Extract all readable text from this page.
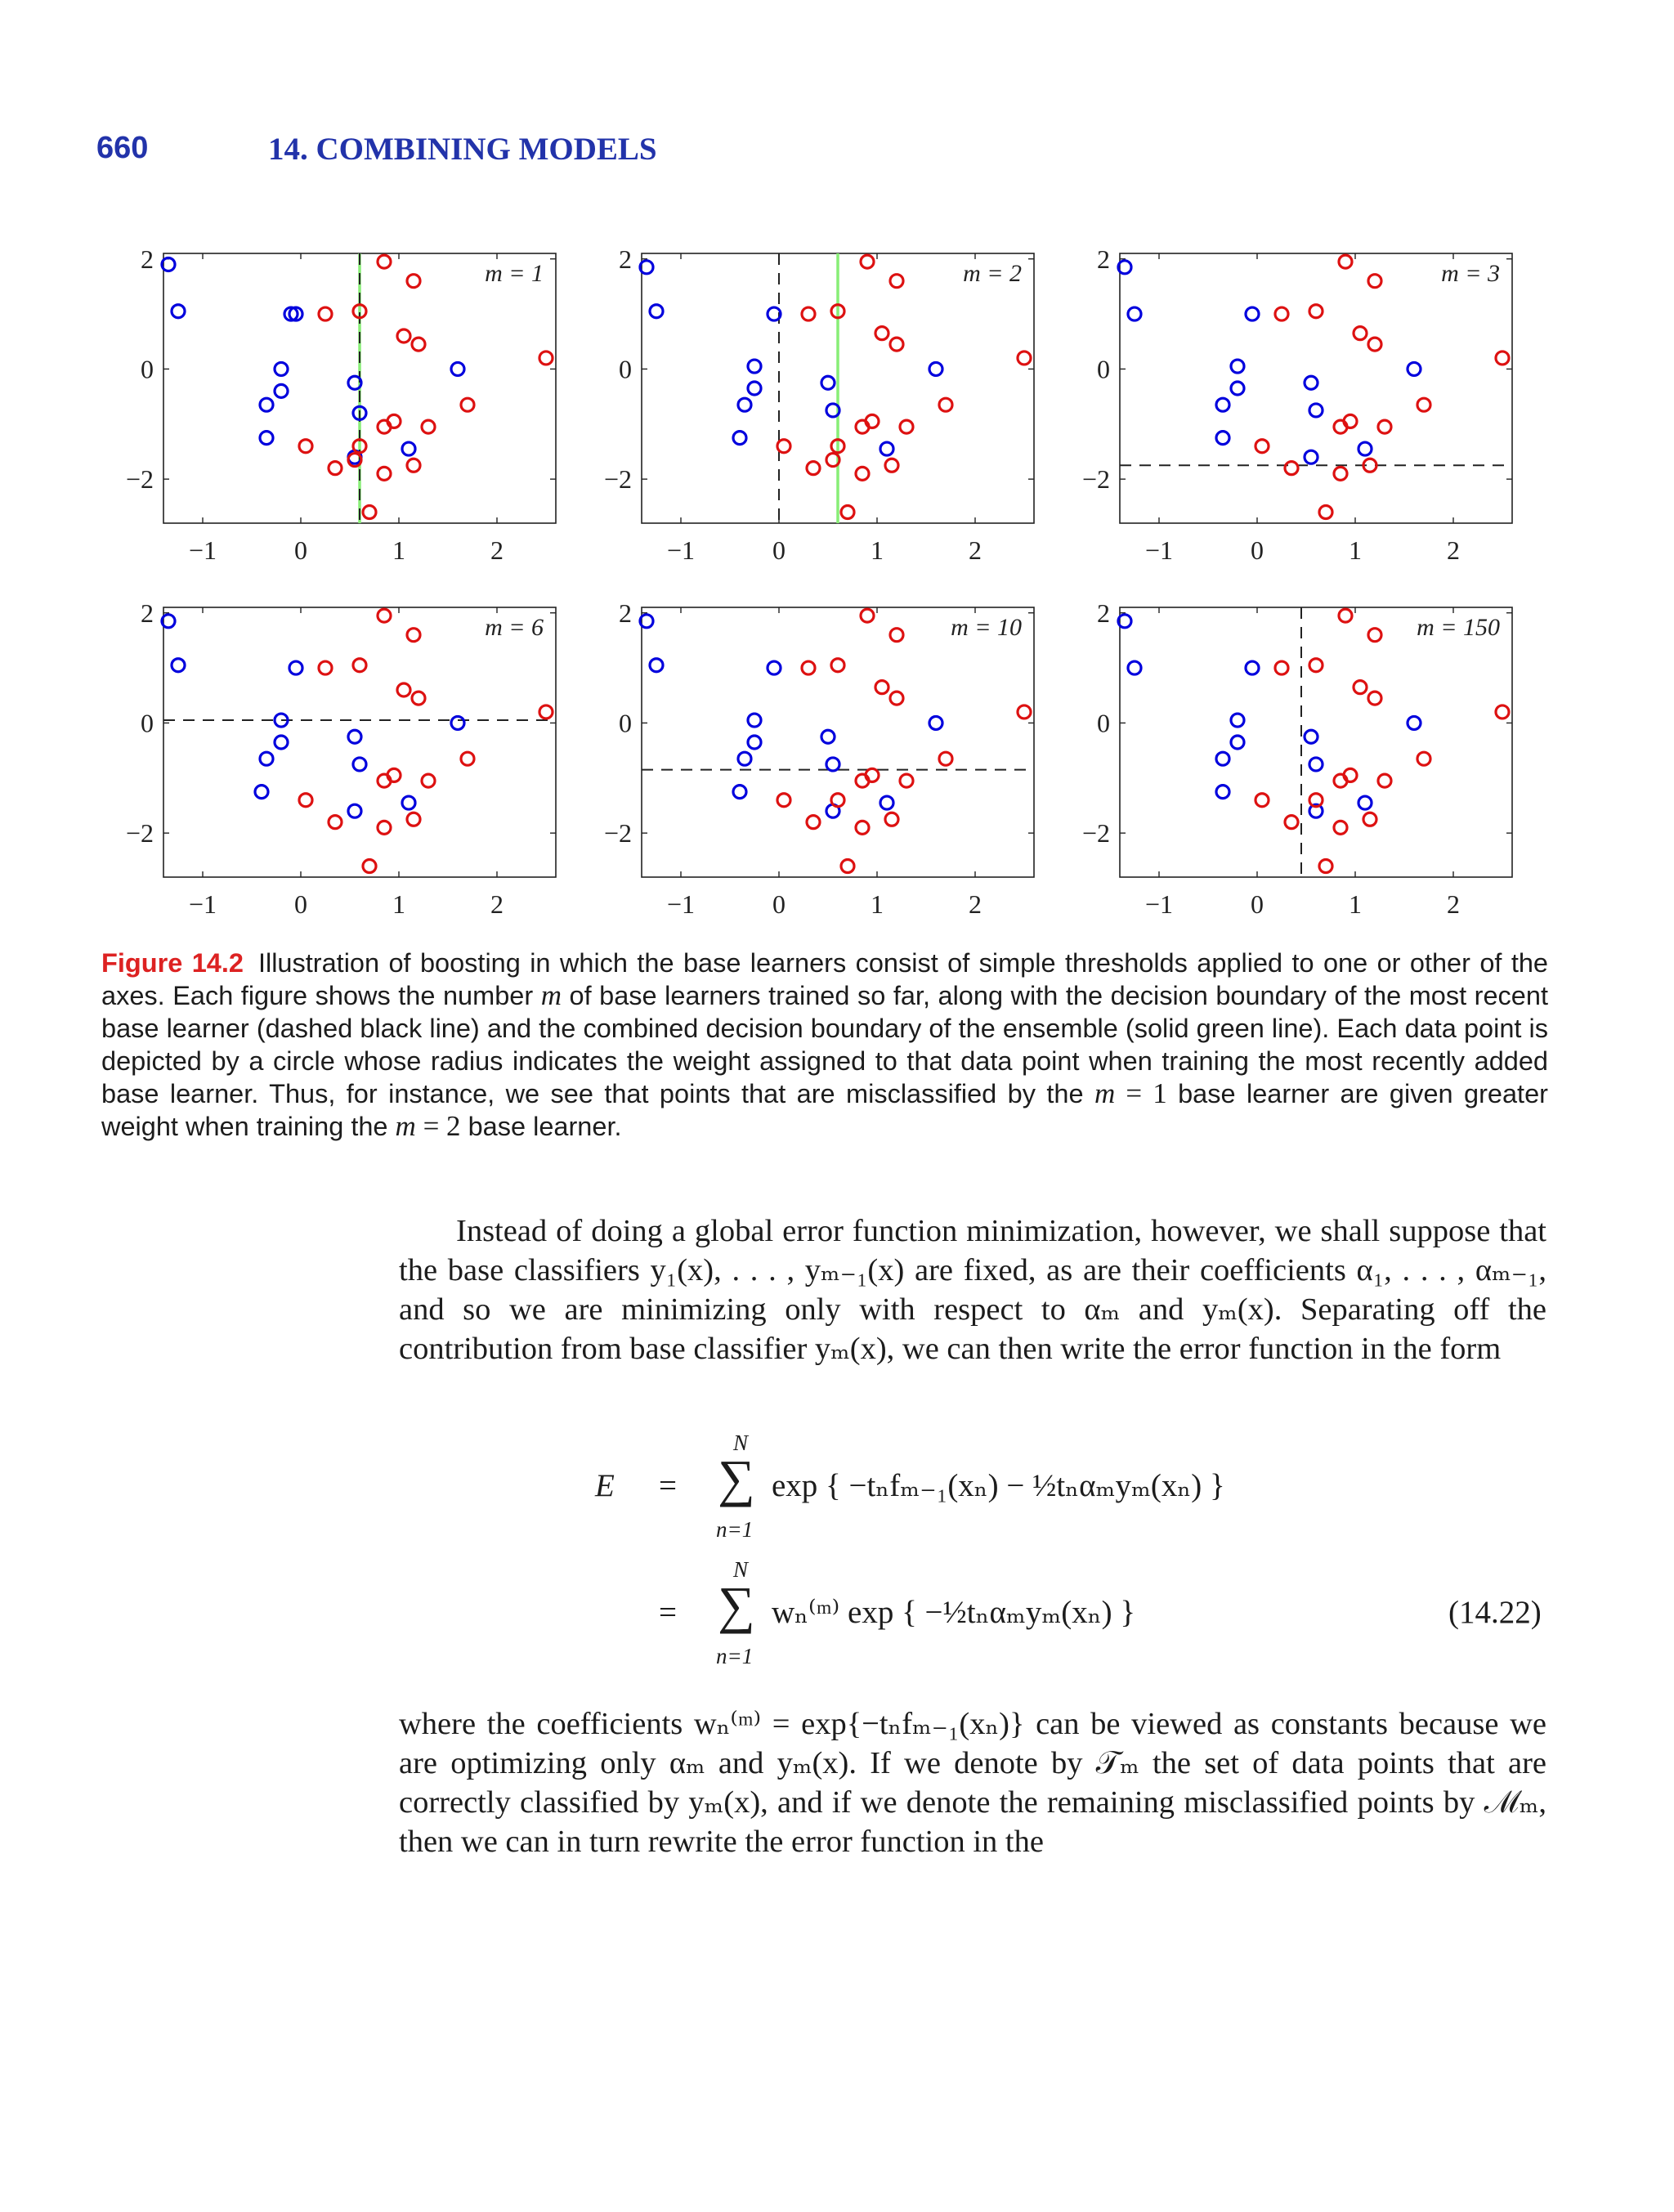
660	14. COMBINING MODELS
−1	0	1	2
2
0
−2
m = 1
−1	0	1	2
2
0
−2
m = 2
−1	0	1	2
2
0
−2
m = 3
−1	0	1	2
2
0
−2
m = 6
−1	0	1	2
2
0
−2
m = 10
−1	0	1	2
2
0
−2
m = 150
Figure 14.2 Illustration of boosting in which the base learners consist of simple thresholds applied to one or other of the axes. Each figure shows the number m of base learners trained so far, along with the decision boundary of the most recent base learner (dashed black line) and the combined decision boundary of the ensemble (solid green line). Each data point is depicted by a circle whose radius indicates the weight assigned to that data point when training the most recently added base learner. Thus, for instance, we see that points that are misclassified by the m = 1 base learner are given greater weight when training the m = 2 base learner.
Instead of doing a global error function minimization, however, we shall suppose that the base classifiers y₁(x), . . . , yₘ₋₁(x) are fixed, as are their coefficients α₁, . . . , αₘ₋₁, and so we are minimizing only with respect to αₘ and yₘ(x). Separating off the contribution from base classifier yₘ(x), we can then write the error function in the form
E =
N
∑
n=1
exp { −tₙfₘ₋₁(xₙ) − ½tₙαₘyₘ(xₙ) }
=
N
∑
n=1
wₙ⁽ᵐ⁾ exp { −½tₙαₘyₘ(xₙ) }	(14.22)
where the coefficients wₙ⁽ᵐ⁾ = exp{−tₙfₘ₋₁(xₙ)} can be viewed as constants because we are optimizing only αₘ and yₘ(x). If we denote by 𝒯ₘ the set of data points that are correctly classified by yₘ(x), and if we denote the remaining misclassified points by ℳₘ, then we can in turn rewrite the error function in the
